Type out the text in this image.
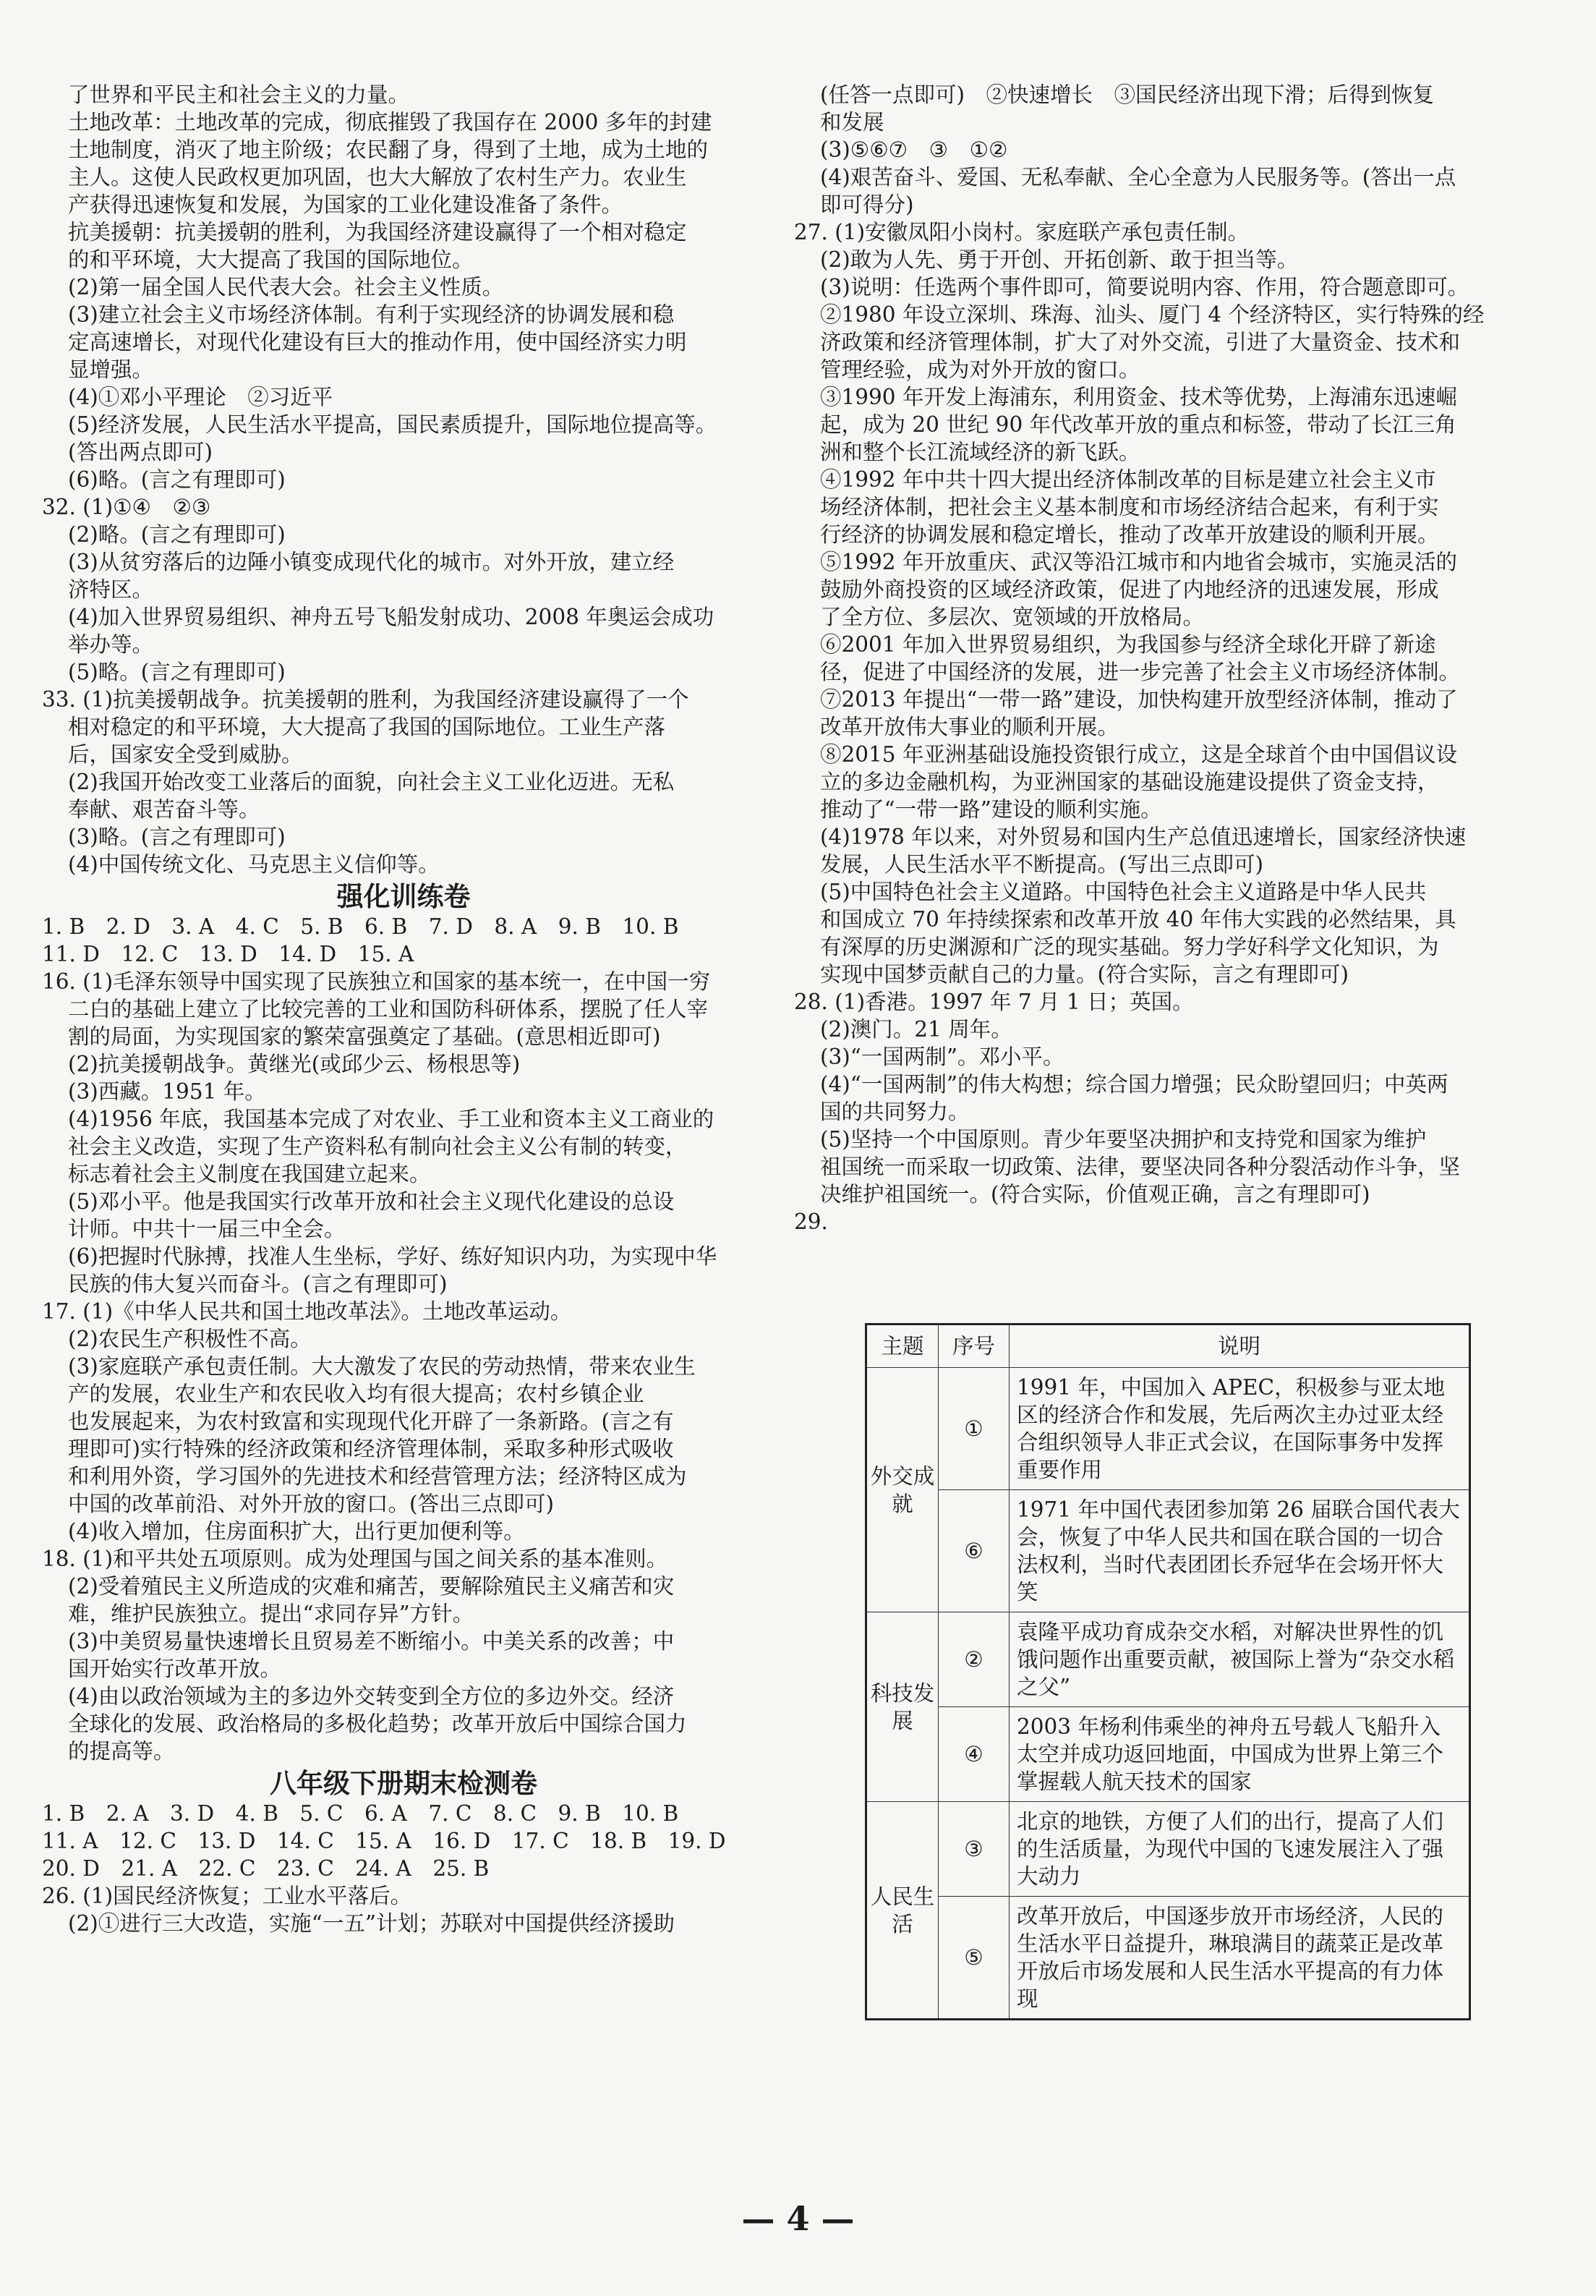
了世界和平民主和社会主义的力量。
土地改革：土地改革的完成，彻底摧毁了我国存在 2000 多年的封建
土地制度，消灭了地主阶级；农民翻了身，得到了土地，成为土地的
主人。这使人民政权更加巩固，也大大解放了农村生产力。农业生
产获得迅速恢复和发展，为国家的工业化建设准备了条件。
抗美援朝：抗美援朝的胜利，为我国经济建设赢得了一个相对稳定
的和平环境，大大提高了我国的国际地位。
(2)第一届全国人民代表大会。社会主义性质。
(3)建立社会主义市场经济体制。有利于实现经济的协调发展和稳
定高速增长，对现代化建设有巨大的推动作用，使中国经济实力明
显增强。
(4)①邓小平理论　②习近平
(5)经济发展，人民生活水平提高，国民素质提升，国际地位提高等。
(答出两点即可)
(6)略。(言之有理即可)
32. (1)①④　②③
(2)略。(言之有理即可)
(3)从贫穷落后的边陲小镇变成现代化的城市。对外开放，建立经
济特区。
(4)加入世界贸易组织、神舟五号飞船发射成功、2008 年奥运会成功
举办等。
(5)略。(言之有理即可)
33. (1)抗美援朝战争。抗美援朝的胜利，为我国经济建设赢得了一个
相对稳定的和平环境，大大提高了我国的国际地位。工业生产落
后，国家安全受到威胁。
(2)我国开始改变工业落后的面貌，向社会主义工业化迈进。无私
奉献、艰苦奋斗等。
(3)略。(言之有理即可)
(4)中国传统文化、马克思主义信仰等。
强化训练卷
1. B　2. D　3. A　4. C　5. B　6. B　7. D　8. A　9. B　10. B
11. D　12. C　13. D　14. D　15. A
16. (1)毛泽东领导中国实现了民族独立和国家的基本统一，在中国一穷
二白的基础上建立了比较完善的工业和国防科研体系，摆脱了任人宰
割的局面，为实现国家的繁荣富强奠定了基础。(意思相近即可)
(2)抗美援朝战争。黄继光(或邱少云、杨根思等)
(3)西藏。1951 年。
(4)1956 年底，我国基本完成了对农业、手工业和资本主义工商业的
社会主义改造，实现了生产资料私有制向社会主义公有制的转变，
标志着社会主义制度在我国建立起来。
(5)邓小平。他是我国实行改革开放和社会主义现代化建设的总设
计师。中共十一届三中全会。
(6)把握时代脉搏，找准人生坐标，学好、练好知识内功，为实现中华
民族的伟大复兴而奋斗。(言之有理即可)
17. (1)《中华人民共和国土地改革法》。土地改革运动。
(2)农民生产积极性不高。
(3)家庭联产承包责任制。大大激发了农民的劳动热情，带来农业生
产的发展，农业生产和农民收入均有很大提高；农村乡镇企业
也发展起来，为农村致富和实现现代化开辟了一条新路。(言之有
理即可)实行特殊的经济政策和经济管理体制，采取多种形式吸收
和利用外资，学习国外的先进技术和经营管理方法；经济特区成为
中国的改革前沿、对外开放的窗口。(答出三点即可)
(4)收入增加，住房面积扩大，出行更加便利等。
18. (1)和平共处五项原则。成为处理国与国之间关系的基本准则。
(2)受着殖民主义所造成的灾难和痛苦，要解除殖民主义痛苦和灾
难，维护民族独立。提出“求同存异”方针。
(3)中美贸易量快速增长且贸易差不断缩小。中美关系的改善；中
国开始实行改革开放。
(4)由以政治领域为主的多边外交转变到全方位的多边外交。经济
全球化的发展、政治格局的多极化趋势；改革开放后中国综合国力
的提高等。
八年级下册期末检测卷
1. B　2. A　3. D　4. B　5. C　6. A　7. C　8. C　9. B　10. B
11. A　12. C　13. D　14. C　15. A　16. D　17. C　18. B　19. D
20. D　21. A　22. C　23. C　24. A　25. B
26. (1)国民经济恢复；工业水平落后。
(2)①进行三大改造，实施“一五”计划；苏联对中国提供经济援助
(任答一点即可)　②快速增长　③国民经济出现下滑；后得到恢复
和发展
(3)⑤⑥⑦　③　①②
(4)艰苦奋斗、爱国、无私奉献、全心全意为人民服务等。(答出一点
即可得分)
27. (1)安徽凤阳小岗村。家庭联产承包责任制。
(2)敢为人先、勇于开创、开拓创新、敢于担当等。
(3)说明：任选两个事件即可，简要说明内容、作用，符合题意即可。
②1980 年设立深圳、珠海、汕头、厦门 4 个经济特区，实行特殊的经
济政策和经济管理体制，扩大了对外交流，引进了大量资金、技术和
管理经验，成为对外开放的窗口。
③1990 年开发上海浦东，利用资金、技术等优势，上海浦东迅速崛
起，成为 20 世纪 90 年代改革开放的重点和标签，带动了长江三角
洲和整个长江流域经济的新飞跃。
④1992 年中共十四大提出经济体制改革的目标是建立社会主义市
场经济体制，把社会主义基本制度和市场经济结合起来，有利于实
行经济的协调发展和稳定增长，推动了改革开放建设的顺利开展。
⑤1992 年开放重庆、武汉等沿江城市和内地省会城市，实施灵活的
鼓励外商投资的区域经济政策，促进了内地经济的迅速发展，形成
了全方位、多层次、宽领域的开放格局。
⑥2001 年加入世界贸易组织，为我国参与经济全球化开辟了新途
径，促进了中国经济的发展，进一步完善了社会主义市场经济体制。
⑦2013 年提出“一带一路”建设，加快构建开放型经济体制，推动了
改革开放伟大事业的顺利开展。
⑧2015 年亚洲基础设施投资银行成立，这是全球首个由中国倡议设
立的多边金融机构，为亚洲国家的基础设施建设提供了资金支持，
推动了“一带一路”建设的顺利实施。
(4)1978 年以来，对外贸易和国内生产总值迅速增长，国家经济快速
发展，人民生活水平不断提高。(写出三点即可)
(5)中国特色社会主义道路。中国特色社会主义道路是中华人民共
和国成立 70 年持续探索和改革开放 40 年伟大实践的必然结果，具
有深厚的历史渊源和广泛的现实基础。努力学好科学文化知识，为
实现中国梦贡献自己的力量。(符合实际，言之有理即可)
28. (1)香港。1997 年 7 月 1 日；英国。
(2)澳门。21 周年。
(3)“一国两制”。邓小平。
(4)“一国两制”的伟大构想；综合国力增强；民众盼望回归；中英两
国的共同努力。
(5)坚持一个中国原则。青少年要坚决拥护和支持党和国家为维护
祖国统一而采取一切政策、法律，要坚决同各种分裂活动作斗争，坚
决维护祖国统一。(符合实际，价值观正确，言之有理即可)
29.
主题	序号	说明
外交成就	①	1991 年，中国加入 APEC，积极参与亚太地区的经济合作和发展，先后两次主办过亚太经合组织领导人非正式会议，在国际事务中发挥重要作用
	⑥	1971 年中国代表团参加第 26 届联合国代表大会，恢复了中华人民共和国在联合国的一切合法权利，当时代表团团长乔冠华在会场开怀大笑
科技发展	②	袁隆平成功育成杂交水稻，对解决世界性的饥饿问题作出重要贡献，被国际上誉为“杂交水稻之父”
	④	2003 年杨利伟乘坐的神舟五号载人飞船升入太空并成功返回地面，中国成为世界上第三个掌握载人航天技术的国家
人民生活	③	北京的地铁，方便了人们的出行，提高了人们的生活质量，为现代中国的飞速发展注入了强大动力
	⑤	改革开放后，中国逐步放开市场经济，人民的生活水平日益提升，琳琅满目的蔬菜正是改革开放后市场发展和人民生活水平提高的有力体现
— 4 —
